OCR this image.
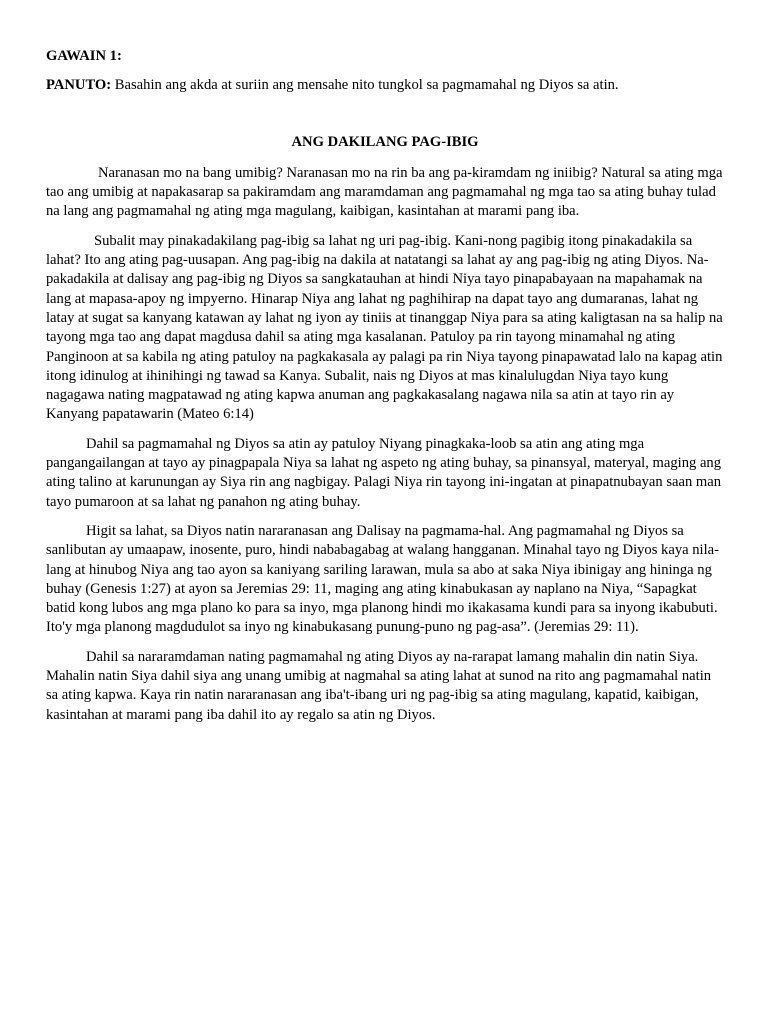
GAWAIN 1:

PANUTO: Basahin ang akda at suriin ang mensahe nito tungkol sa pagmamahal ng Diyos sa atin.

ANG DAKILANG PAG-IBIG

Naranasan mo na bang umibig? Naranasan mo na rin ba ang pa-kiramdam ng iniibig? Natural sa ating mga tao ang umibig at napakasarap sa pakiramdam ang maramdaman ang pagmamahal ng mga tao sa ating buhay tulad na lang ang pagmamahal ng ating mga magulang, kaibigan, kasintahan at marami pang iba.

Subalit may pinakadakilang pag-ibig sa lahat ng uri pag-ibig. Kani-nong pagibig itong pinakadakila sa lahat? Ito ang ating pag-uusapan. Ang pag-ibig na dakila at natatangi sa lahat ay ang pag-ibig ng ating Diyos. Na-pakadakila at dalisay ang pag-ibig ng Diyos sa sangkatauhan at hindi Niya tayo pinapabayaan na mapahamak na lang at mapasa-apoy ng impyerno. Hinarap Niya ang lahat ng paghihirap na dapat tayo ang dumaranas, lahat ng latay at sugat sa kanyang katawan ay lahat ng iyon ay tiniis at tinanggap Niya para sa ating kaligtasan na sa halip na tayong mga tao ang dapat magdusa dahil sa ating mga kasalanan. Patuloy pa rin tayong minamahal ng ating Panginoon at sa kabila ng ating patuloy na pagkakasala ay palagi pa rin Niya tayong pinapawatad lalo na kapag atin itong idinulog at ihinihingi ng tawad sa Kanya. Subalit, nais ng Diyos at mas kinalulugdan Niya tayo kung nagagawa nating magpatawad ng ating kapwa anuman ang pagkakasalang nagawa nila sa atin at tayo rin ay Kanyang papatawarin (Mateo 6:14)

Dahil sa pagmamahal ng Diyos sa atin ay patuloy Niyang pinagkaka-loob sa atin ang ating mga pangangailangan at tayo ay pinagpapala Niya sa lahat ng aspeto ng ating buhay, sa pinansyal, materyal, maging ang ating talino at karunungan ay Siya rin ang nagbigay. Palagi Niya rin tayong ini-ingatan at pinapatnubayan saan man tayo pumaroon at sa lahat ng panahon ng ating buhay.

Higit sa lahat, sa Diyos natin nararanasan ang Dalisay na pagmama-hal. Ang pagmamahal ng Diyos sa sanlibutan ay umaapaw, inosente, puro, hindi nababagabag at walang hangganan. Minahal tayo ng Diyos kaya nila-lang at hinubog Niya ang tao ayon sa kaniyang sariling larawan, mula sa abo at saka Niya ibinigay ang hininga ng buhay (Genesis 1:27) at ayon sa Jeremias 29: 11, maging ang ating kinabukasan ay naplano na Niya, “Sapagkat batid kong lubos ang mga plano ko para sa inyo, mga planong hindi mo ikakasama kundi para sa inyong ikabubuti. Ito'y mga planong magdudulot sa inyo ng kinabukasang punung-puno ng pag-asa”. (Jeremias 29: 11).

Dahil sa nararamdaman nating pagmamahal ng ating Diyos ay na-rarapat lamang mahalin din natin Siya. Mahalin natin Siya dahil siya ang unang umibig at nagmahal sa ating lahat at sunod na rito ang pagmamahal natin sa ating kapwa. Kaya rin natin nararanasan ang iba't-ibang uri ng pag-ibig sa ating magulang, kapatid, kaibigan, kasintahan at marami pang iba dahil ito ay regalo sa atin ng Diyos.
